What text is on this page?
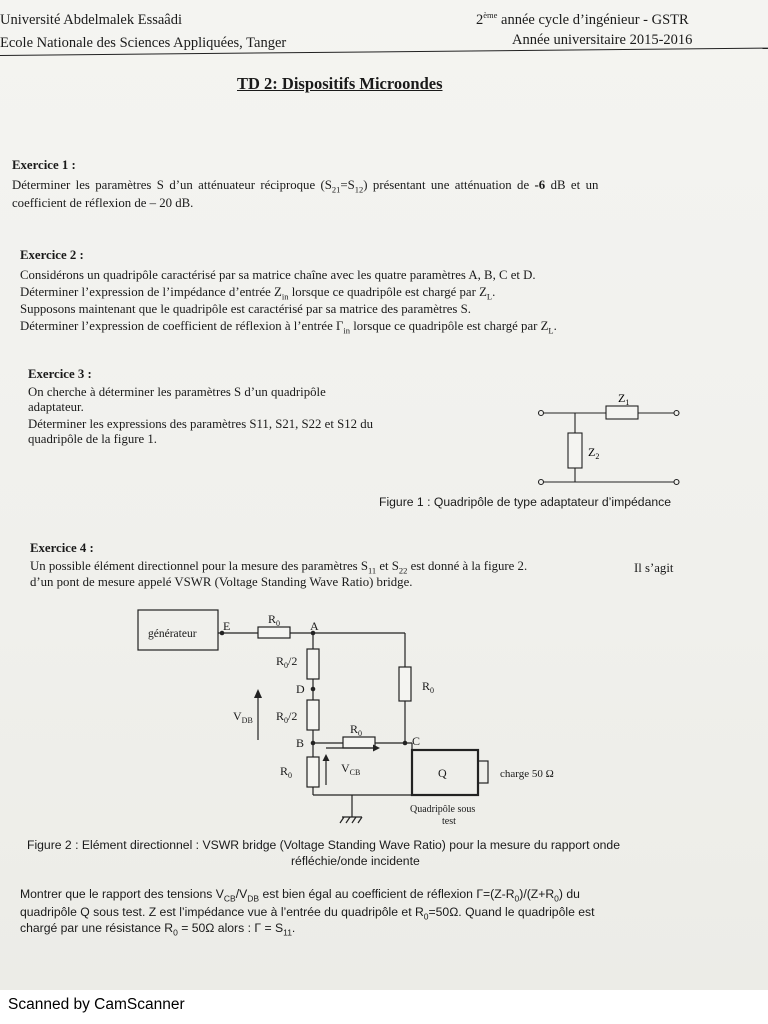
Université Abdelmalek Essaâdi
Ecole Nationale des Sciences Appliquées, Tanger
2ème année cycle d’ingénieur - GSTR
Année universitaire 2015-2016
TD 2: Dispositifs Microondes
Exercice 1 :
Déterminer les paramètres S d’un atténuateur réciproque $(S_{21}=S_{12})$ présentant une atténuation de -6 dB et un
coefficient de réflexion de – 20 dB.
Exercice 2 :
Considérons un quadripôle caractérisé par sa matrice chaîne avec les quatre paramètres A, B, C et D.
Déterminer l’expression de l’impédance d’entrée $Z_{in}$ lorsque ce quadripôle est chargé par $Z_L$.
Supposons maintenant que le quadripôle est caractérisé par sa matrice des paramètres S.
Déterminer l’expression de coefficient de réflexion à l’entrée $\Gamma_{in}$ lorsque ce quadripôle est chargé par $Z_L$.
Exercice 3 :
On cherche à déterminer les paramètres S d’un quadripôle
adaptateur.
Déterminer les expressions des paramètres S11, S21, S22 et S12 du
quadripôle de la figure 1.
$Z_1$
$Z_2$
Figure 1 : Quadripôle de type adaptateur d’impédance
Exercice 4 :
Un possible élément directionnel pour la mesure des paramètres $S_{11}$ et $S_{22}$ est donné à la figure 2.	Il s’agit
d’un pont de mesure appelé VSWR (Voltage Standing Wave Ratio) bridge.
générateur
E	A
D
B	C
$R_0$
$R_0$
$R_0/2$
$R_0/2$
$R_0$
$R_0$
$V_{DB}$
$V_{CB}$	Q	charge 50 Ω
Quadripôle sous
test
Figure 2 : Elément directionnel : VSWR bridge (Voltage Standing Wave Ratio) pour la mesure du rapport onde
réfléchie/onde incidente
Montrer que le rapport des tensions $V_{CB}/V_{DB}$ est bien égal au coefficient de réflexion $\Gamma=(Z-R_0)/(Z+R_0)$ du
quadripôle Q sous test. Z est l’impédance vue à l’entrée du quadripôle et $R_0=50\Omega$. Quand le quadripôle est
chargé par une résistance $R_0 = 50\Omega$ alors : $\Gamma = S_{11}$.
Scanned by CamScanner
